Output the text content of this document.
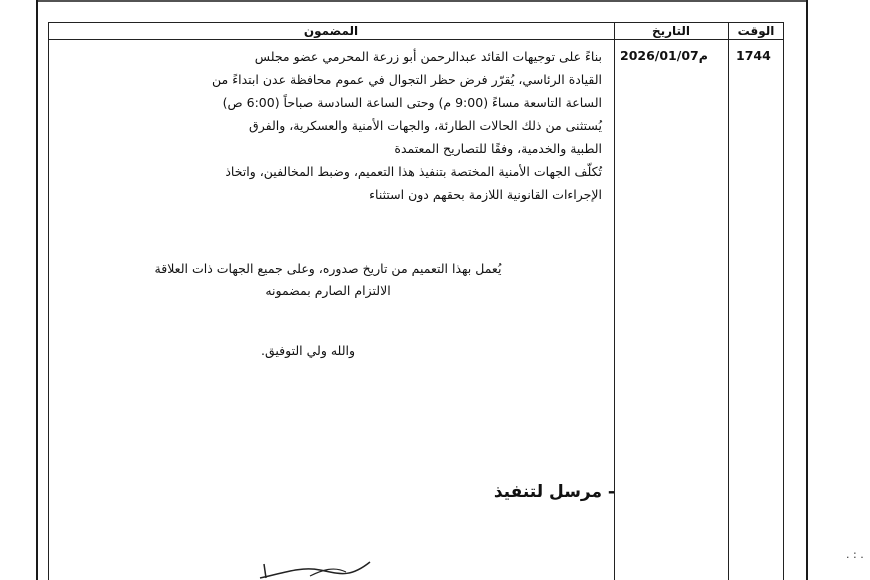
المضمون	التاريخ	الوقت
1744
2026/01/07م

بناءً على توجيهات القائد عبدالرحمن أبو زرعة المحرمي عضو مجلس

القيادة الرئاسي، يُقرّر فرض حظر التجوال في عموم محافظة عدن ابتداءً من

الساعة التاسعة مساءً (9:00 م) وحتى الساعة السادسة صباحاً (6:00 ص)

يُستثنى من ذلك الحالات الطارئة، والجهات الأمنية والعسكرية، والفرق

الطبية والخدمية، وفقًا للتصاريح المعتمدة

تُكلّف الجهات الأمنية المختصة بتنفيذ هذا التعميم، وضبط المخالفين، واتخاذ

الإجراءات القانونية اللازمة بحقهم دون استثناء

يُعمل بهذا التعميم من تاريخ صدوره، وعلى جميع الجهات ذات العلاقة
الالتزام الصارم بمضمونه
والله ولي التوفيق.
- مرسل لتنفيذ
. : .
